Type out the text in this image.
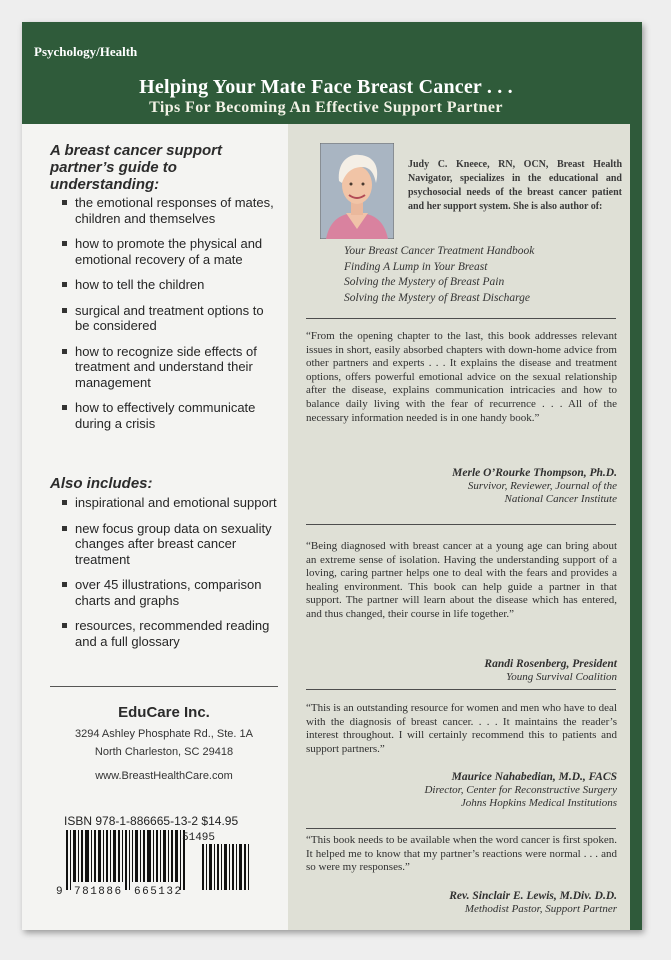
Psychology/Health
Helping Your Mate Face Breast Cancer . . .
Tips For Becoming An Effective Support Partner
A breast cancer support partner’s guide to understanding:
the emotional responses of mates, children and themselves
how to promote the physical and emotional recovery of a mate
how to tell the children
surgical and treatment options to be considered
how to recognize side effects of treatment and understand their management
how to effectively communicate during a crisis
Also includes:
inspirational and emotional support
new focus group data on sexuality changes after breast cancer treatment
over 45 illustrations, comparison charts and graphs
resources, recommended reading and a full glossary
EduCare Inc.
3294 Ashley Phosphate Rd., Ste. 1A
North Charleston, SC 29418
www.BreastHealthCare.com
ISBN 978-1-886665-13-2 $14.95
51495
9 781886 665132
Judy C. Kneece, RN, OCN, Breast Health Navigator, specializes in the educational and psychosocial needs of the breast cancer patient and her support system. She is also author of:
Your Breast Cancer Treatment Handbook
Finding A Lump in Your Breast
Solving the Mystery of Breast Pain
Solving the Mystery of Breast Discharge
“From the opening chapter to the last, this book addresses relevant issues in short, easily absorbed chapters with down-home advice from other partners and experts . . . It explains the disease and treatment options, offers powerful emotional advice on the sexual relationship after the disease, explains communication intricacies and how to balance daily living with the fear of recurrence . . . All of the necessary information needed is in one handy book.”
Merle O’Rourke Thompson, Ph.D.
Survivor, Reviewer, Journal of the
National Cancer Institute
“Being diagnosed with breast cancer at a young age can bring about an extreme sense of isolation. Having the understanding support of a loving, caring partner helps one to deal with the fears and provides a healing environment. This book can help guide a partner in that support. The partner will learn about the disease which has entered, and thus changed, their course in life together.”
Randi Rosenberg, President
Young Survival Coalition
“This is an outstanding resource for women and men who have to deal with the diagnosis of breast cancer. . . . It maintains the reader’s interest throughout. I will certainly recommend this to patients and support partners.”
Maurice Nahabedian, M.D., FACS
Director, Center for Reconstructive Surgery
Johns Hopkins Medical Institutions
“This book needs to be available when the word cancer is first spoken. It helped me to know that my partner’s reactions were normal . . . and so were my responses.”
Rev. Sinclair E. Lewis, M.Div. D.D.
Methodist Pastor, Support Partner
